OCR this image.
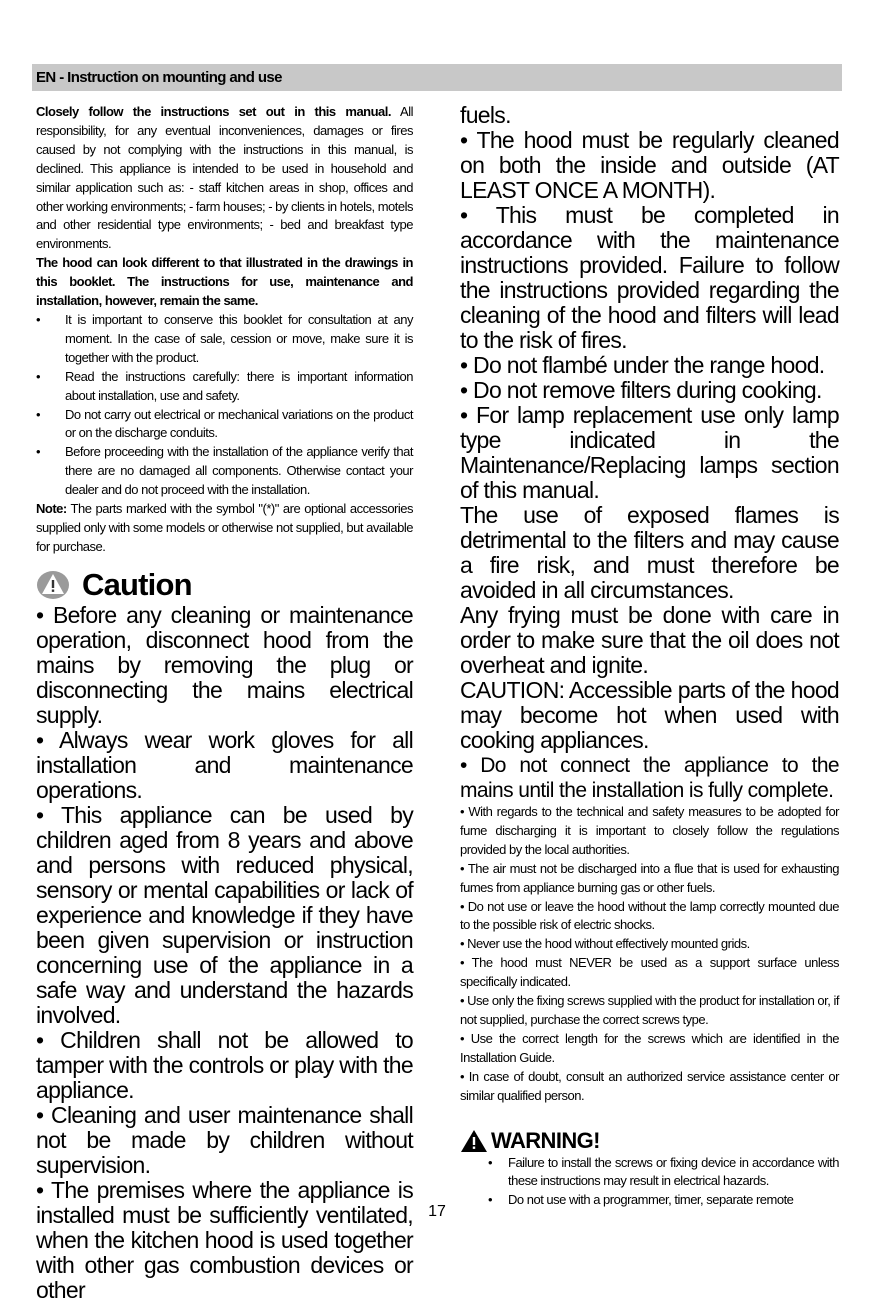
EN - Instruction on mounting and use

Closely follow the instructions set out in this manual. All responsibility, for any eventual inconveniences, damages or fires caused by not complying with the instructions in this manual, is declined. This appliance is intended to be used in household and similar application such as: - staff kitchen areas in shop, offices and other working environments; - farm houses; - by clients in hotels, motels and other residential type environments; - bed and breakfast type environments.

The hood can look different to that illustrated in the drawings in this booklet. The instructions for use, maintenance and installation, however, remain the same.

•	It is important to conserve this booklet for consultation at any moment. In the case of sale, cession or move, make sure it is together with the product.
•	Read the instructions carefully: there is important information about installation, use and safety.
•	Do not carry out electrical or mechanical variations on the product or on the discharge conduits.
•	Before proceeding with the installation of the appliance verify that there are no damaged all components. Otherwise contact your dealer and do not proceed with the installation.

Note: The parts marked with the symbol "(*)" are optional accessories supplied only with some models or otherwise not supplied, but available for purchase.

Caution

• Before any cleaning or maintenance operation, disconnect hood from the mains by removing the plug or disconnecting the mains electrical supply.

• Always wear work gloves for all installation and maintenance operations.

• This appliance can be used by children aged from 8 years and above and persons with reduced physical, sensory or mental capabilities or lack of experience and knowledge if they have been given supervision or instruction concerning use of the appliance in a safe way and understand the hazards involved.

• Children shall not be allowed to tamper with the controls or play with the appliance.

• Cleaning and user maintenance shall not be made by children without supervision.

• The premises where the appliance is installed must be sufficiently ventilated, when the kitchen hood is used together with other gas combustion devices or other

fuels.

• The hood must be regularly cleaned on both the inside and outside (AT LEAST ONCE A MONTH).

• This must be completed in accordance with the maintenance instructions provided. Failure to follow the instructions provided regarding the cleaning of the hood and filters will lead to the risk of fires.

• Do not flambé under the range hood.

• Do not remove filters during cooking.

• For lamp replacement use only lamp type indicated in the Maintenance/Replacing lamps section of this manual.

The use of exposed flames is detrimental to the filters and may cause a fire risk, and must therefore be avoided in all circumstances.

Any frying must be done with care in order to make sure that the oil does not overheat and ignite.

CAUTION: Accessible parts of the hood may become hot when used with cooking appliances.

• Do not connect the appliance to the mains until the installation is fully complete.

• With regards to the technical and safety measures to be adopted for fume discharging it is important to closely follow the regulations provided by the local authorities.

• The air must not be discharged into a flue that is used for exhausting fumes from appliance burning gas or other fuels.

• Do not use or leave the hood without the lamp correctly mounted due to the possible risk of electric shocks.

• Never use the hood without effectively mounted grids.

• The hood must NEVER be used as a support surface unless specifically indicated.

• Use only the fixing screws supplied with the product for installation or, if not supplied, purchase the correct screws type.

• Use the correct length for the screws which are identified in the Installation Guide.

• In case of doubt, consult an authorized service assistance center or similar qualified person.

WARNING!
•	Failure to install the screws or fixing device in accordance with these instructions may result in electrical hazards.
•	Do not use with a programmer, timer, separate remote
17
